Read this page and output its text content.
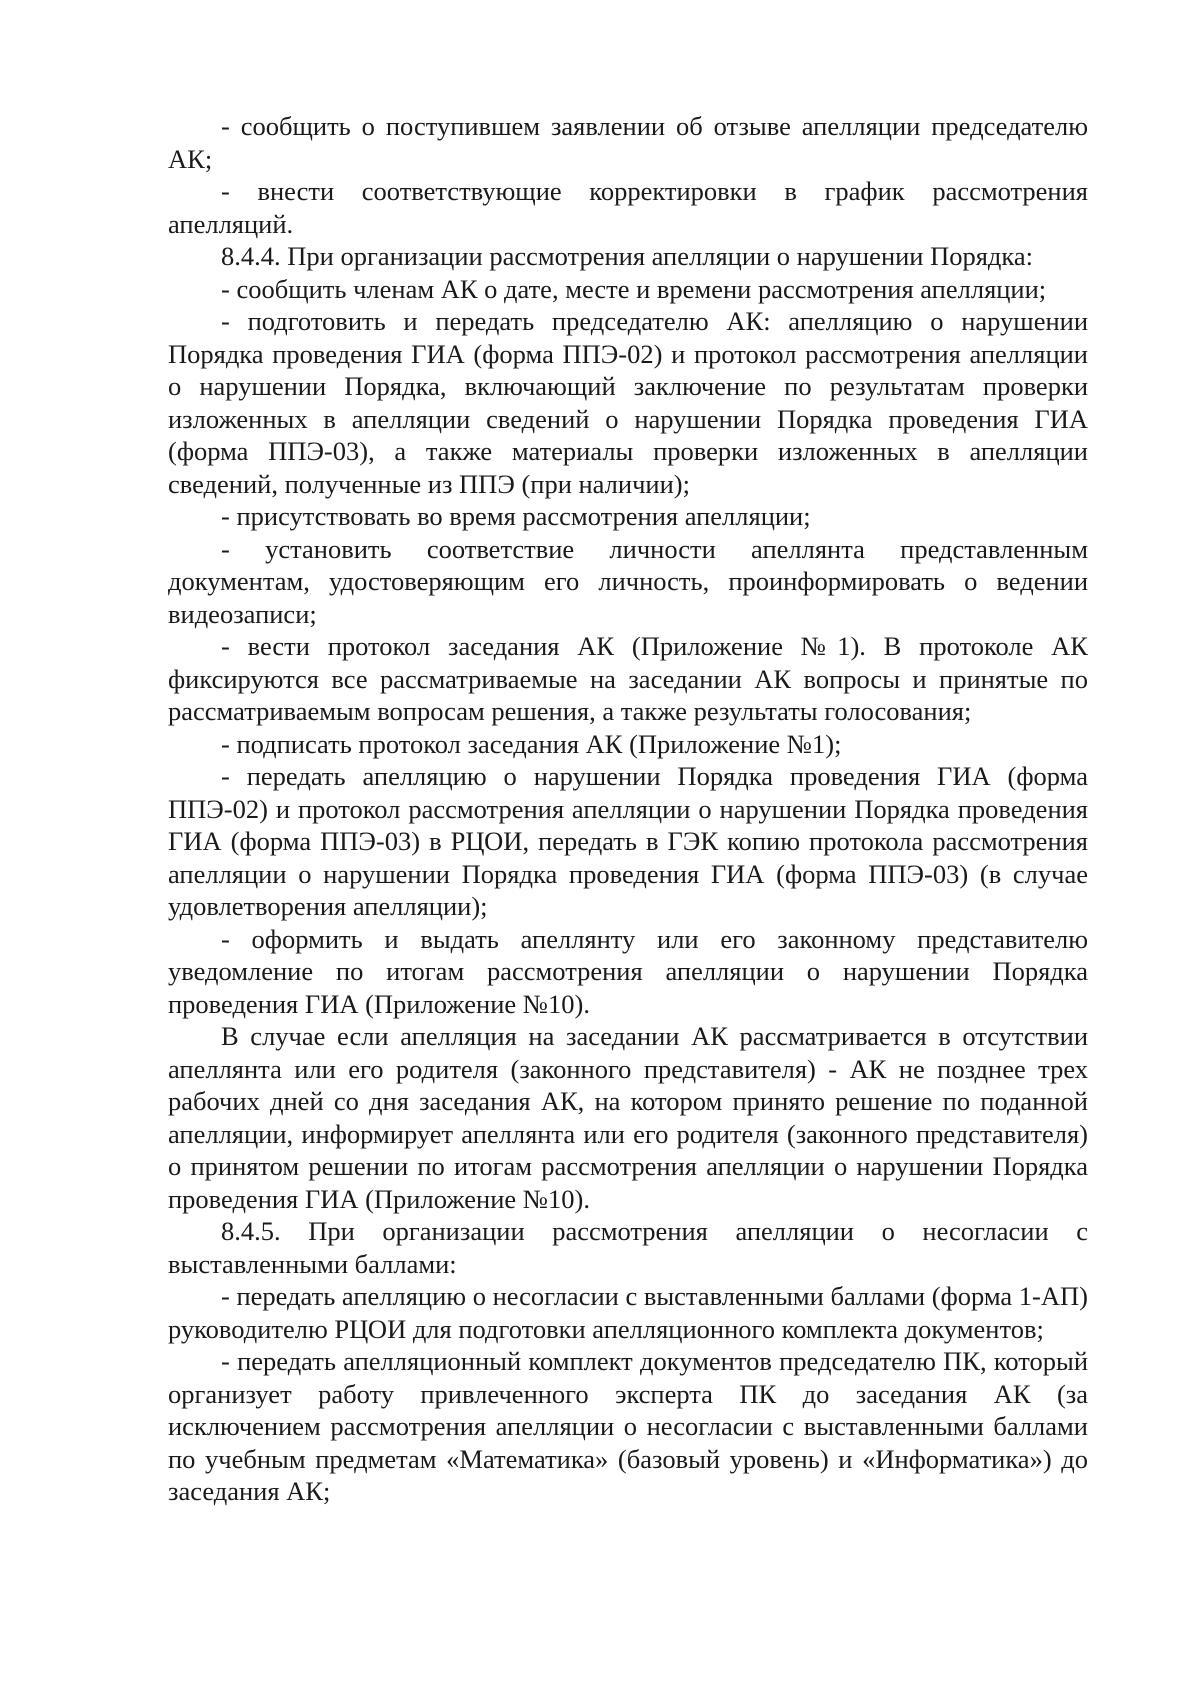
- сообщить о поступившем заявлении об отзыве апелляции председателю АК;

- внести соответствующие корректировки в график рассмотрения апелляций.

8.4.4. При организации рассмотрения апелляции о нарушении Порядка:

- сообщить членам АК о дате, месте и времени рассмотрения апелляции;

- подготовить и передать председателю АК: апелляцию о нарушении Порядка проведения ГИА (форма ППЭ-02) и протокол рассмотрения апелляции о нарушении Порядка, включающий заключение по результатам проверки изложенных в апелляции сведений о нарушении Порядка проведения ГИА (форма ППЭ-03), а также материалы проверки изложенных в апелляции сведений, полученные из ППЭ (при наличии);

- присутствовать во время рассмотрения апелляции;

- установить соответствие личности апеллянта представленным документам, удостоверяющим его личность, проинформировать о ведении видеозаписи;

- вести протокол заседания АК (Приложение №1). В протоколе АК фиксируются все рассматриваемые на заседании АК вопросы и принятые по рассматриваемым вопросам решения, а также результаты голосования;

- подписать протокол заседания АК (Приложение №1);

- передать апелляцию о нарушении Порядка проведения ГИА (форма ППЭ-02) и протокол рассмотрения апелляции о нарушении Порядка проведения ГИА (форма ППЭ-03) в РЦОИ, передать в ГЭК копию протокола рассмотрения апелляции о нарушении Порядка проведения ГИА (форма ППЭ-03) (в случае удовлетворения апелляции);

- оформить и выдать апеллянту или его законному представителю уведомление по итогам рассмотрения апелляции о нарушении Порядка проведения ГИА (Приложение №10).

В случае если апелляция на заседании АК рассматривается в отсутствии апеллянта или его родителя (законного представителя) - АК не позднее трех рабочих дней со дня заседания АК, на котором принято решение по поданной апелляции, информирует апеллянта или его родителя (законного представителя) о принятом решении по итогам рассмотрения апелляции о нарушении Порядка проведения ГИА (Приложение №10).

8.4.5. При организации рассмотрения апелляции о несогласии с выставленными баллами:

- передать апелляцию о несогласии с выставленными баллами (форма 1-АП) руководителю РЦОИ для подготовки апелляционного комплекта документов;

- передать апелляционный комплект документов председателю ПК, который организует работу привлеченного эксперта ПК до заседания АК (за исключением рассмотрения апелляции о несогласии с выставленными баллами по учебным предметам «Математика» (базовый уровень) и «Информатика») до заседания АК;
